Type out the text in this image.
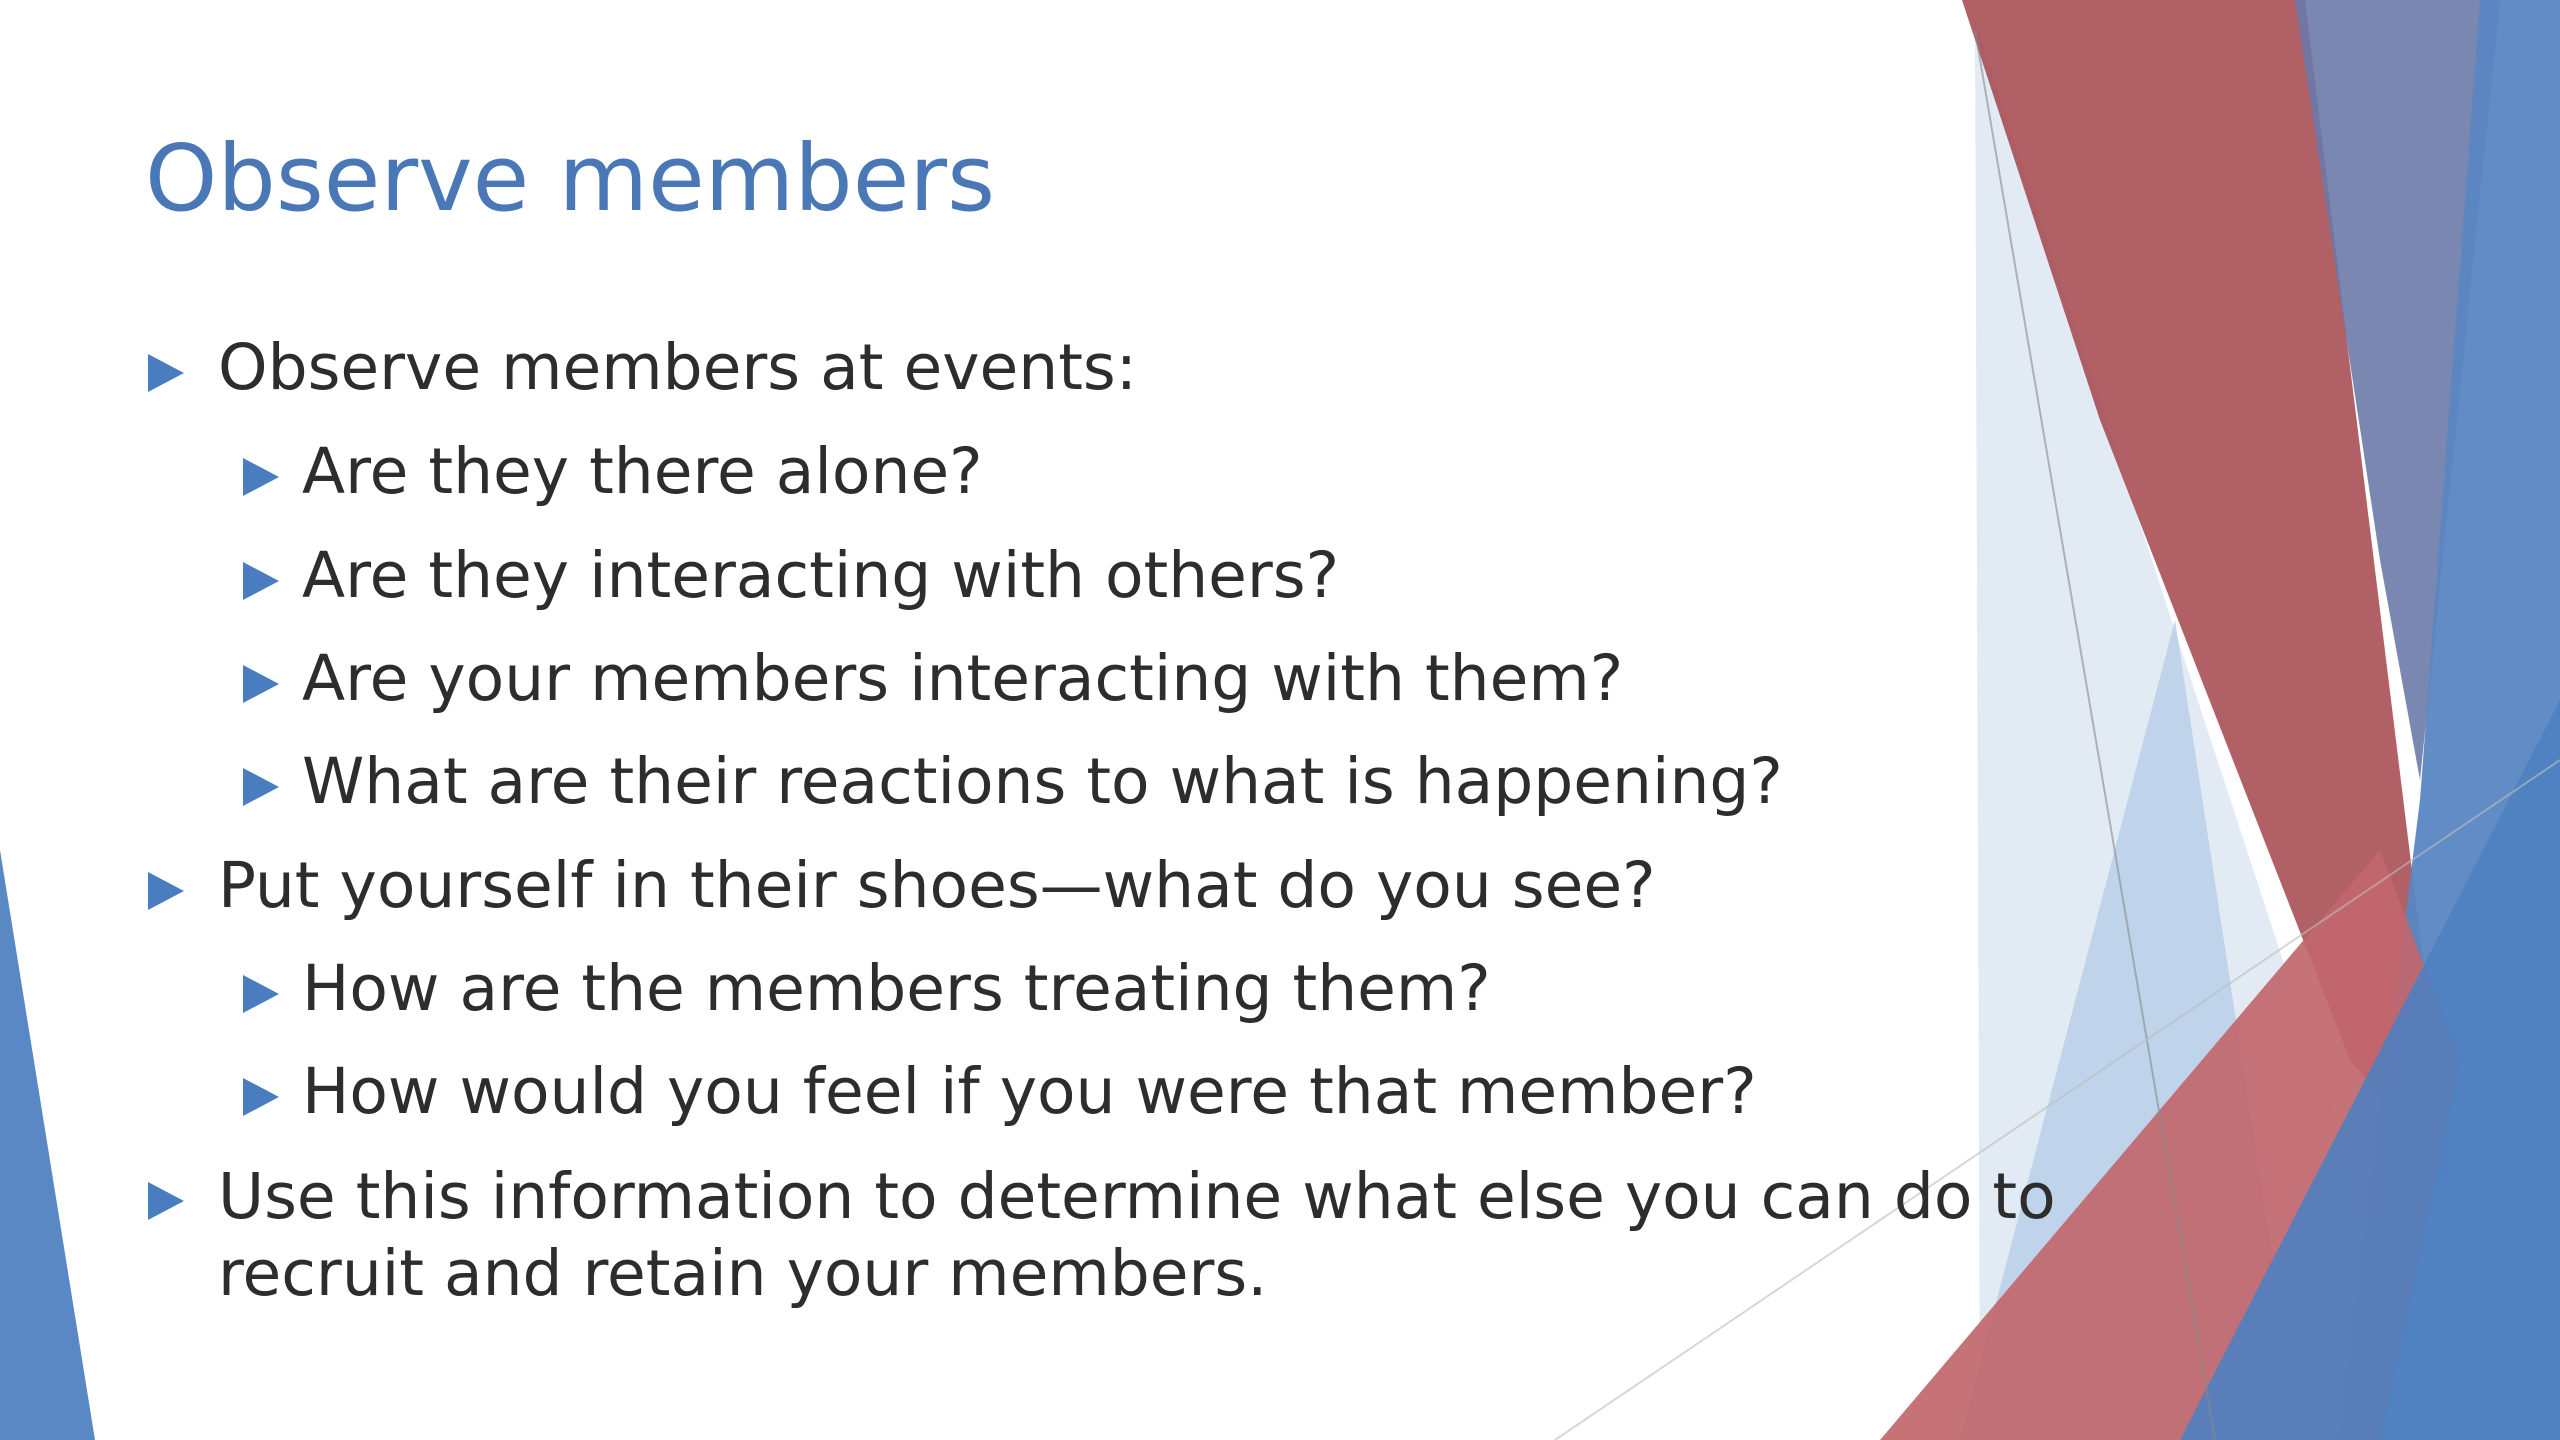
Observe members
Observe members at events:
Are they there alone?
Are they interacting with others?
Are your members interacting with them?
What are their reactions to what is happening?
Put yourself in their shoes—what do you see?
How are the members treating them?
How would you feel if you were that member?
Use this information to determine what else you can do to recruit and retain your members.
